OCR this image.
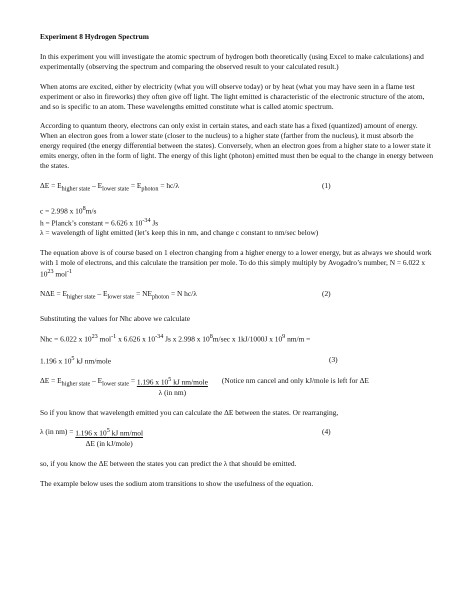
Experiment 8 Hydrogen Spectrum

In this experiment you will investigate the atomic spectrum of hydrogen both theoretically (using Excel to make calculations) and experimentally (observing the spectrum and comparing the observed result to your calculated result.)

When atoms are excited, either by electricity (what you will observe today) or by heat (what you may have seen in a flame test experiment or also in fireworks) they often give off light. The light emitted is characteristic of the electronic structure of the atom, and so is specific to an atom. These wavelengths emitted constitute what is called atomic spectrum.

According to quantum theory, electrons can only exist in certain states, and each state has a fixed (quantized) amount of energy. When an electron goes from a lower state (closer to the nucleus) to a higher state (farther from the nucleus), it must absorb the energy required (the energy differential between the states). Conversely, when an electron goes from a higher state to a lower state it emits energy, often in the form of light. The energy of this light (photon) emitted must then be equal to the change in energy between the states.

$\Delta E = E_{higher state} - E_{lower state} = E_{photon} = hc/\lambda$	(1)
c = 2.998 x $10^8m/s$
h = Planck’s constant = 6.626 x $10^{-34}$ Js
λ = wavelength of light emitted (let’s keep this in nm, and change c constant to nm/sec below)

The equation above is of course based on 1 electron changing from a higher energy to a lower energy, but as always we should work with 1 mole of electrons, and this calculate the transition per mole. To do this simply multiply by Avogadro’s number, N = 6.022 x $10^{23}$ mol$^{-1}$

$N\Delta E = E_{higher state} - E_{lower state} = NE_{photon} = N$ hc/λ	(2)

Substituting the values for Nhc above we calculate

Nhc = 6.022 x $10^{23}$ mol$^{-1}$ x 6.626 x $10^{-34}$ Js x 2.998 x $10^8m/\sec$ x 1kJ/1000J x $10^9$ nm/m =
1.196 x $10^5$ kJ nm/mole	(3)
$\Delta E = E_{higher state} - E_{lower state} = \frac{1.196 x 10^5 kJ nm/mole}{\text{λ (in nm)}}$ (Notice nm cancel and only kJ/mole is left for ΔE

So if you know that wavelength emitted you can calculate the ΔE between the states. Or rearranging,

λ (in $nm) = \frac{1.196 x 10^5 kJ nm/mol}{\text{ΔE (in kJ/mole)}}$	(4)

so, if you know the ΔE between the states you can predict the λ that should be emitted.

The example below uses the sodium atom transitions to show the usefulness of the equation.
